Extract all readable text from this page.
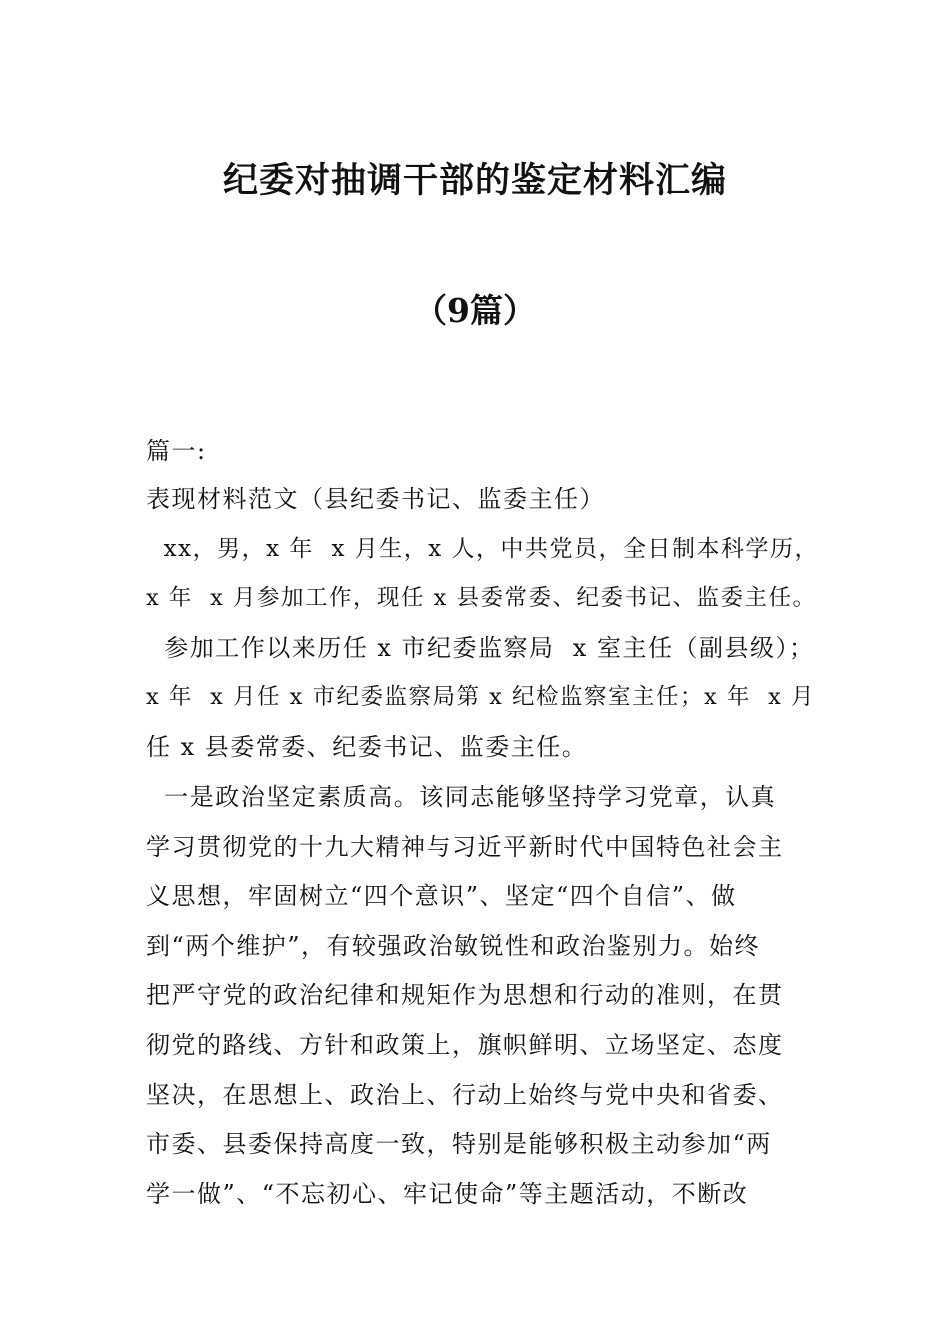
纪委对抽调干部的鉴定材料汇编
（9篇）
篇一:
表现材料范文（县纪委书记、监委主任）
xx，男，x 年  x 月生，x 人，中共党员，全日制本科学历，
x 年  x 月参加工作，现任 x 县委常委、纪委书记、监委主任。
参加工作以来历任 x 市纪委监察局  x 室主任（副县级）；
x 年  x 月任 x 市纪委监察局第 x 纪检监察室主任；x 年  x 月
任 x 县委常委、纪委书记、监委主任。
一是政治坚定素质高。该同志能够坚持学习党章，认真
学习贯彻党的十九大精神与习近平新时代中国特色社会主
义思想，牢固树立“四个意识”、坚定“四个自信”、做
到“两个维护”，有较强政治敏锐性和政治鉴别力。始终
把严守党的政治纪律和规矩作为思想和行动的准则，在贯
彻党的路线、方针和政策上，旗帜鲜明、立场坚定、态度
坚决，在思想上、政治上、行动上始终与党中央和省委、
市委、县委保持高度一致，特别是能够积极主动参加“两
学一做”、“不忘初心、牢记使命”等主题活动，不断改
